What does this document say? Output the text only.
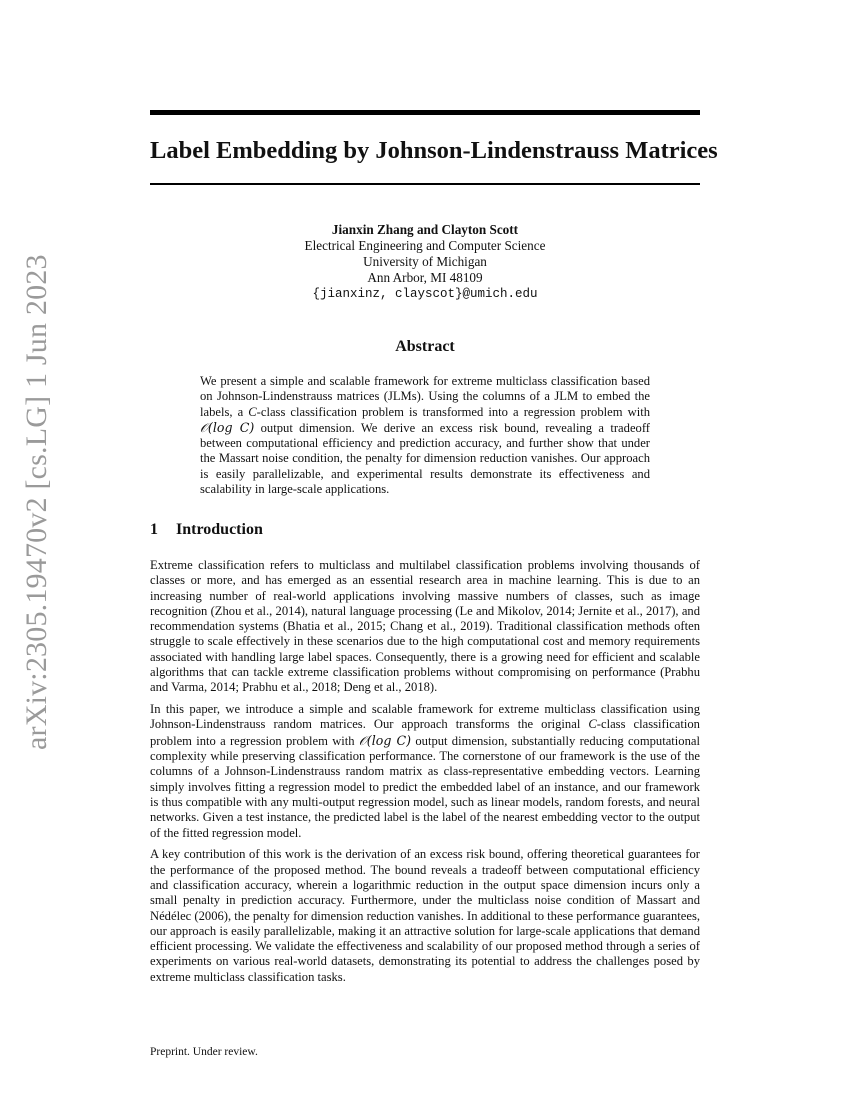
arXiv:2305.19470v2 [cs.LG] 1 Jun 2023
Label Embedding by Johnson-Lindenstrauss Matrices
Jianxin Zhang and Clayton Scott
Electrical Engineering and Computer Science
University of Michigan
Ann Arbor, MI 48109
{jianxinz, clayscot}@umich.edu
Abstract
We present a simple and scalable framework for extreme multiclass classification based on Johnson-Lindenstrauss matrices (JLMs). Using the columns of a JLM to embed the labels, a C-class classification problem is transformed into a regression problem with 𝒪(log C) output dimension. We derive an excess risk bound, revealing a tradeoff between computational efficiency and prediction accuracy, and further show that under the Massart noise condition, the penalty for dimension reduction vanishes. Our approach is easily parallelizable, and experimental results demonstrate its effectiveness and scalability in large-scale applications.
1 Introduction

Extreme classification refers to multiclass and multilabel classification problems involving thousands of classes or more, and has emerged as an essential research area in machine learning. This is due to an increasing number of real-world applications involving massive numbers of classes, such as image recognition (Zhou et al., 2014), natural language processing (Le and Mikolov, 2014; Jernite et al., 2017), and recommendation systems (Bhatia et al., 2015; Chang et al., 2019). Traditional classification methods often struggle to scale effectively in these scenarios due to the high computational cost and memory requirements associated with handling large label spaces. Consequently, there is a growing need for efficient and scalable algorithms that can tackle extreme classification problems without compromising on performance (Prabhu and Varma, 2014; Prabhu et al., 2018; Deng et al., 2018).

In this paper, we introduce a simple and scalable framework for extreme multiclass classification using Johnson-Lindenstrauss random matrices. Our approach transforms the original C-class classification problem into a regression problem with 𝒪(log C) output dimension, substantially reducing computational complexity while preserving classification performance. The cornerstone of our framework is the use of the columns of a Johnson-Lindenstrauss random matrix as class-representative embedding vectors. Learning simply involves fitting a regression model to predict the embedded label of an instance, and our framework is thus compatible with any multi-output regression model, such as linear models, random forests, and neural networks. Given a test instance, the predicted label is the label of the nearest embedding vector to the output of the fitted regression model.

A key contribution of this work is the derivation of an excess risk bound, offering theoretical guarantees for the performance of the proposed method. The bound reveals a tradeoff between computational efficiency and classification accuracy, wherein a logarithmic reduction in the output space dimension incurs only a small penalty in prediction accuracy. Furthermore, under the multiclass noise condition of Massart and Nédélec (2006), the penalty for dimension reduction vanishes. In additional to these performance guarantees, our approach is easily parallelizable, making it an attractive solution for large-scale applications that demand efficient processing. We validate the effectiveness and scalability of our proposed method through a series of experiments on various real-world datasets, demonstrating its potential to address the challenges posed by extreme multiclass classification tasks.

Preprint. Under review.
